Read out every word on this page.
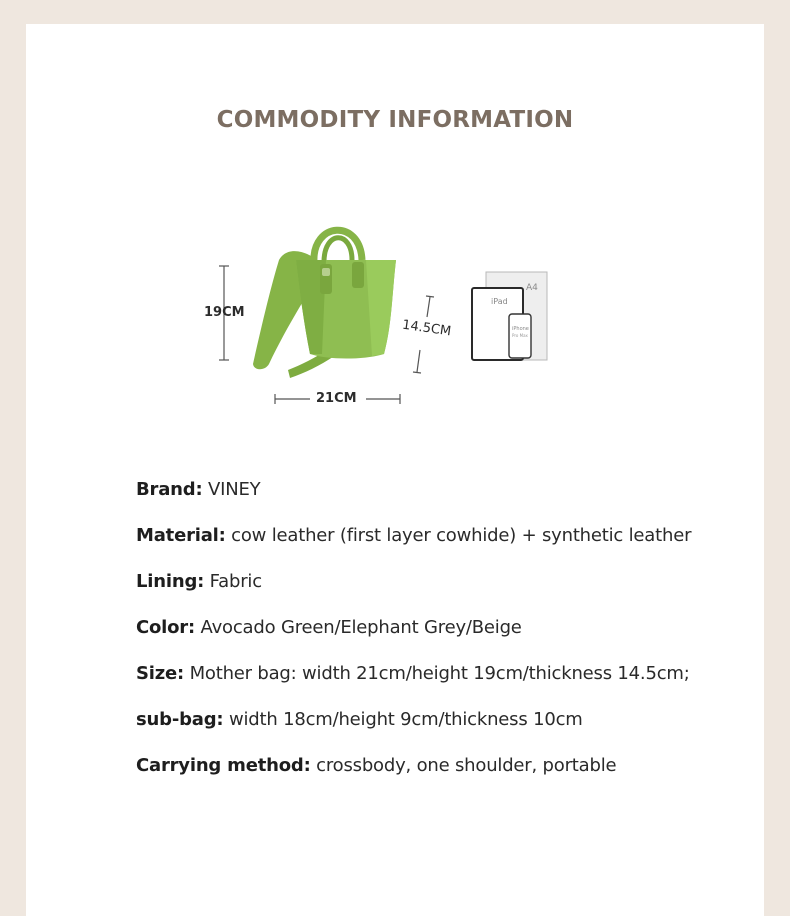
COMMODITY INFORMATION
A4
iPad
iPhone
Pro Max
19CM
21CM
14.5CM
Brand: VINEY
Material: cow leather (first layer cowhide) + synthetic leather
Lining: Fabric
Color: Avocado Green/Elephant Grey/Beige
Size: Mother bag: width 21cm/height 19cm/thickness 14.5cm;
sub-bag: width 18cm/height 9cm/thickness 10cm
Carrying method: crossbody, one shoulder, portable
